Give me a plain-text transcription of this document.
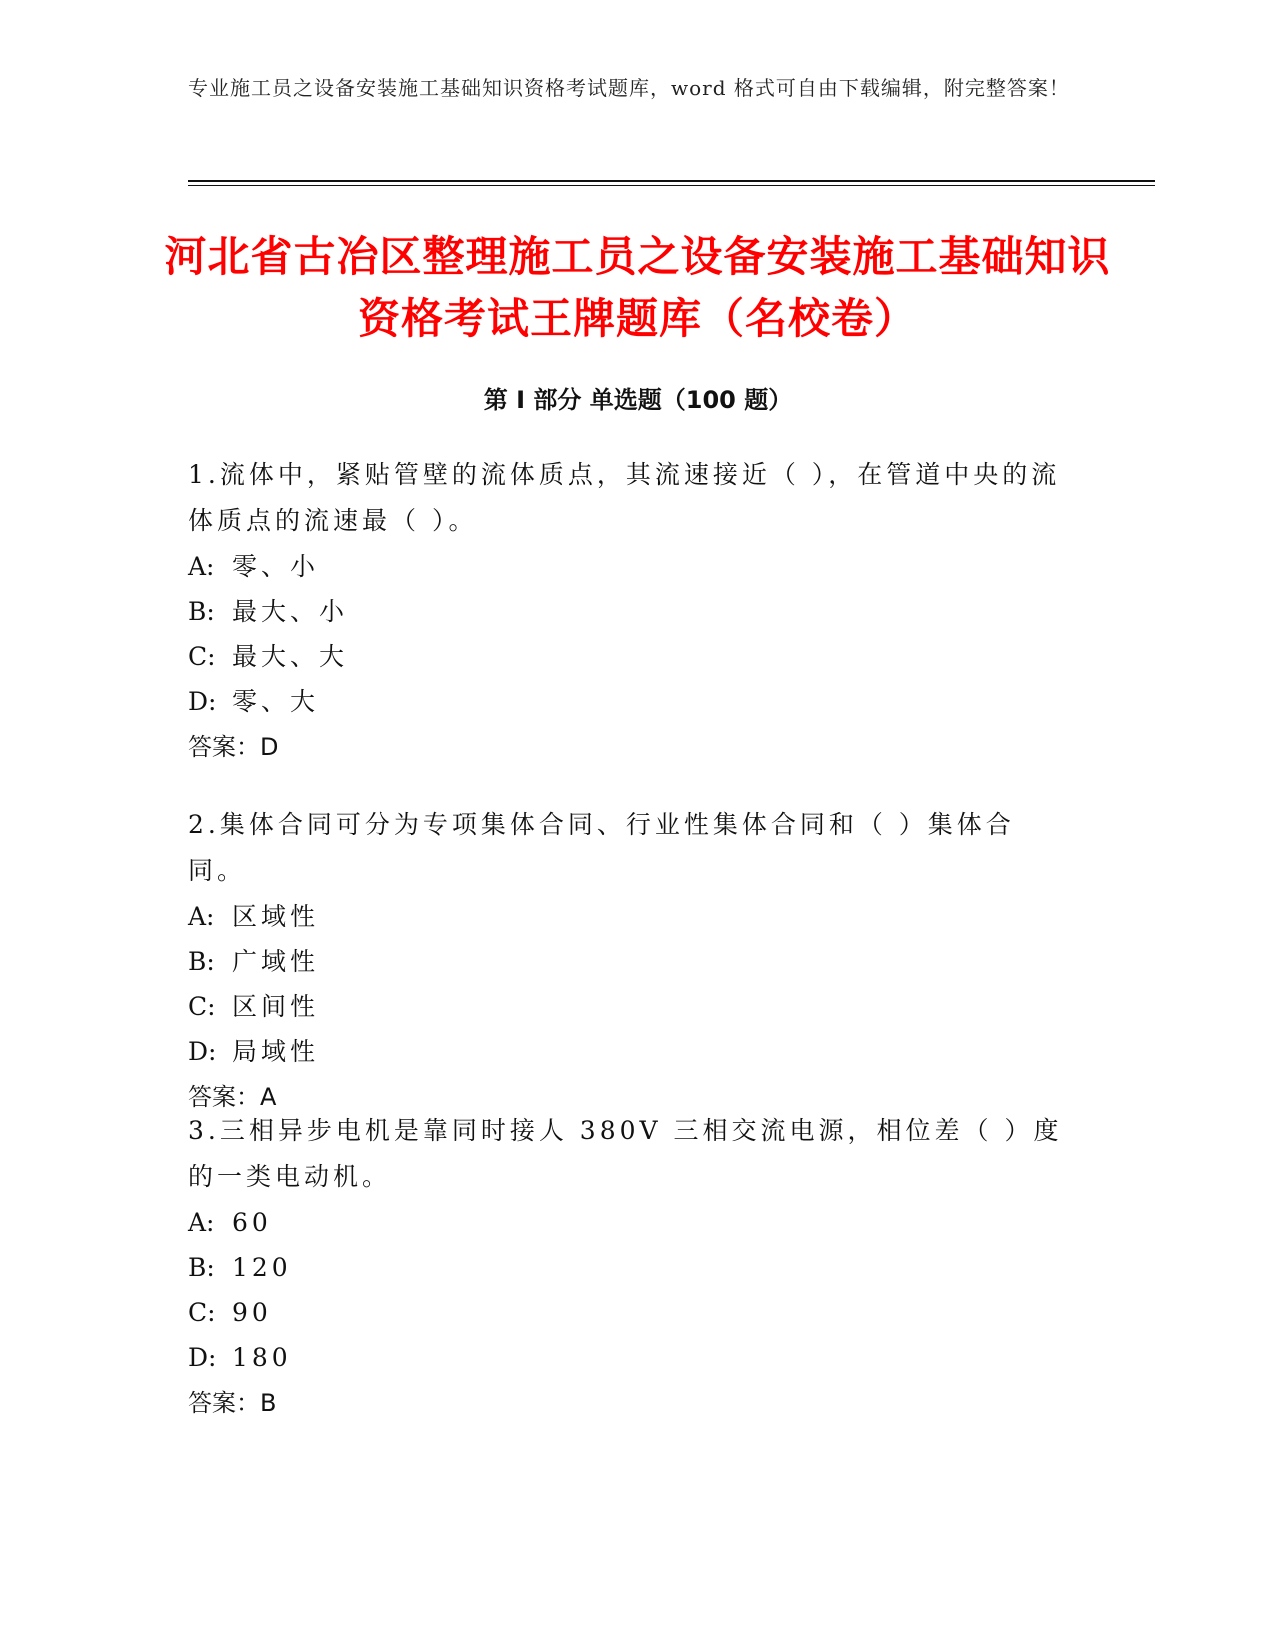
专业施工员之设备安装施工基础知识资格考试题库，word 格式可自由下载编辑，附完整答案！
河北省古冶区整理施工员之设备安装施工基础知识资格考试王牌题库（名校卷）
第 I 部分 单选题（100 题）

1.流体中，紧贴管壁的流体质点，其流速接近（ ），在管道中央的流体质点的流速最（ ）。

A: 零、小

B: 最大、小

C: 最大、大

D: 零、大

答案：D

2.集体合同可分为专项集体合同、行业性集体合同和（ ）集体合同。

A: 区域性

B: 广域性

C: 区间性

D: 局域性

答案：A

3.三相异步电机是靠同时接人 380V 三相交流电源，相位差（ ）度的一类电动机。

A: 60

B: 120

C: 90

D: 180

答案：B
